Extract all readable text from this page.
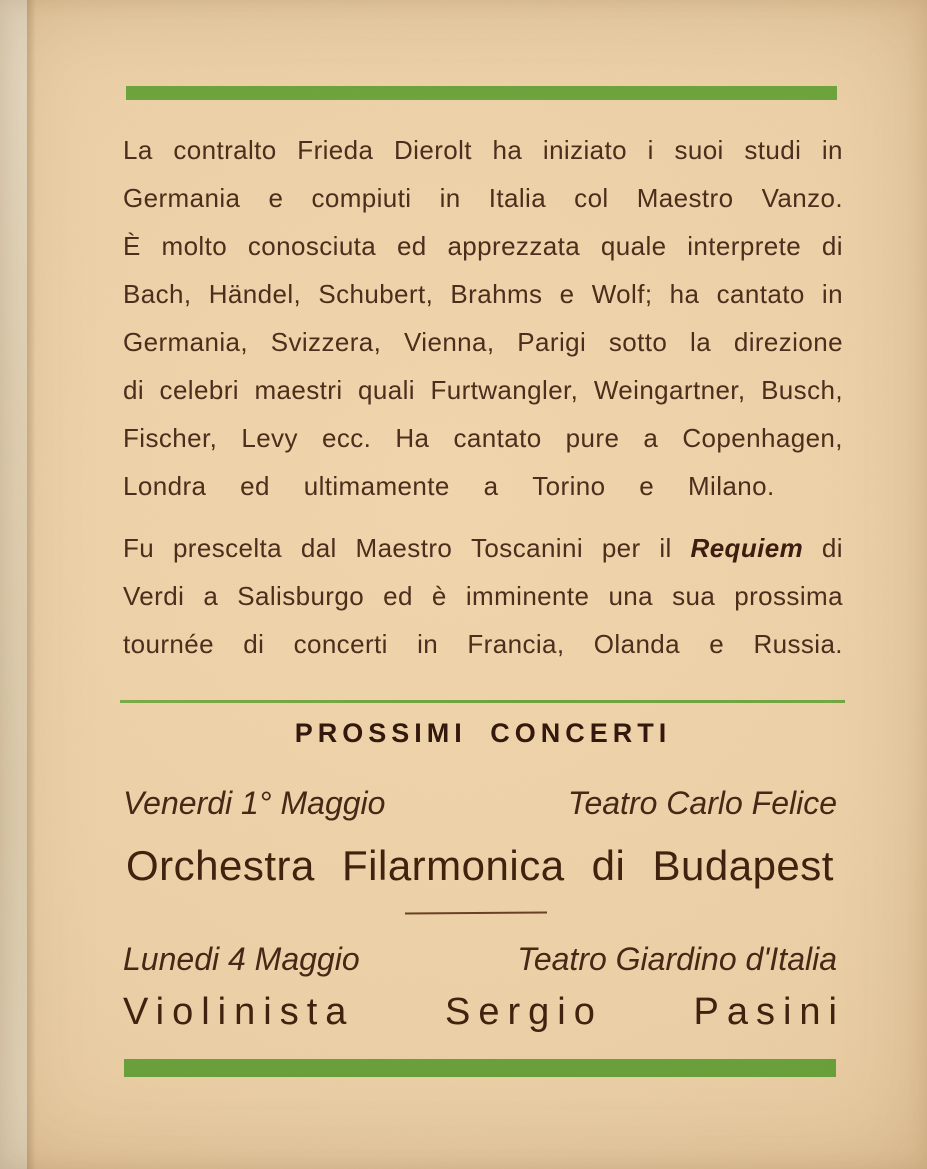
La contralto Frieda Dierolt ha iniziato i suoi studi in
Germania e compiuti in Italia col Maestro Vanzo.
È molto conosciuta ed apprezzata quale interprete di
Bach, Händel, Schubert, Brahms e Wolf; ha cantato in
Germania, Svizzera, Vienna, Parigi sotto la direzione
di celebri maestri quali Furtwangler, Weingartner, Busch,
Fischer, Levy ecc. Ha cantato pure a Copenhagen,
Londra ed ultimamente a Torino e Milano.
Fu prescelta dal Maestro Toscanini per il Requiem di
Verdi a Salisburgo ed è imminente una sua prossima
tournée di concerti in Francia, Olanda e Russia.
PROSSIMI CONCERTI
Venerdi 1° Maggio	Teatro Carlo Felice
Orchestra Filarmonica di Budapest
Lunedi 4 Maggio	Teatro Giardino d'Italia
Violinista Sergio Pasini
